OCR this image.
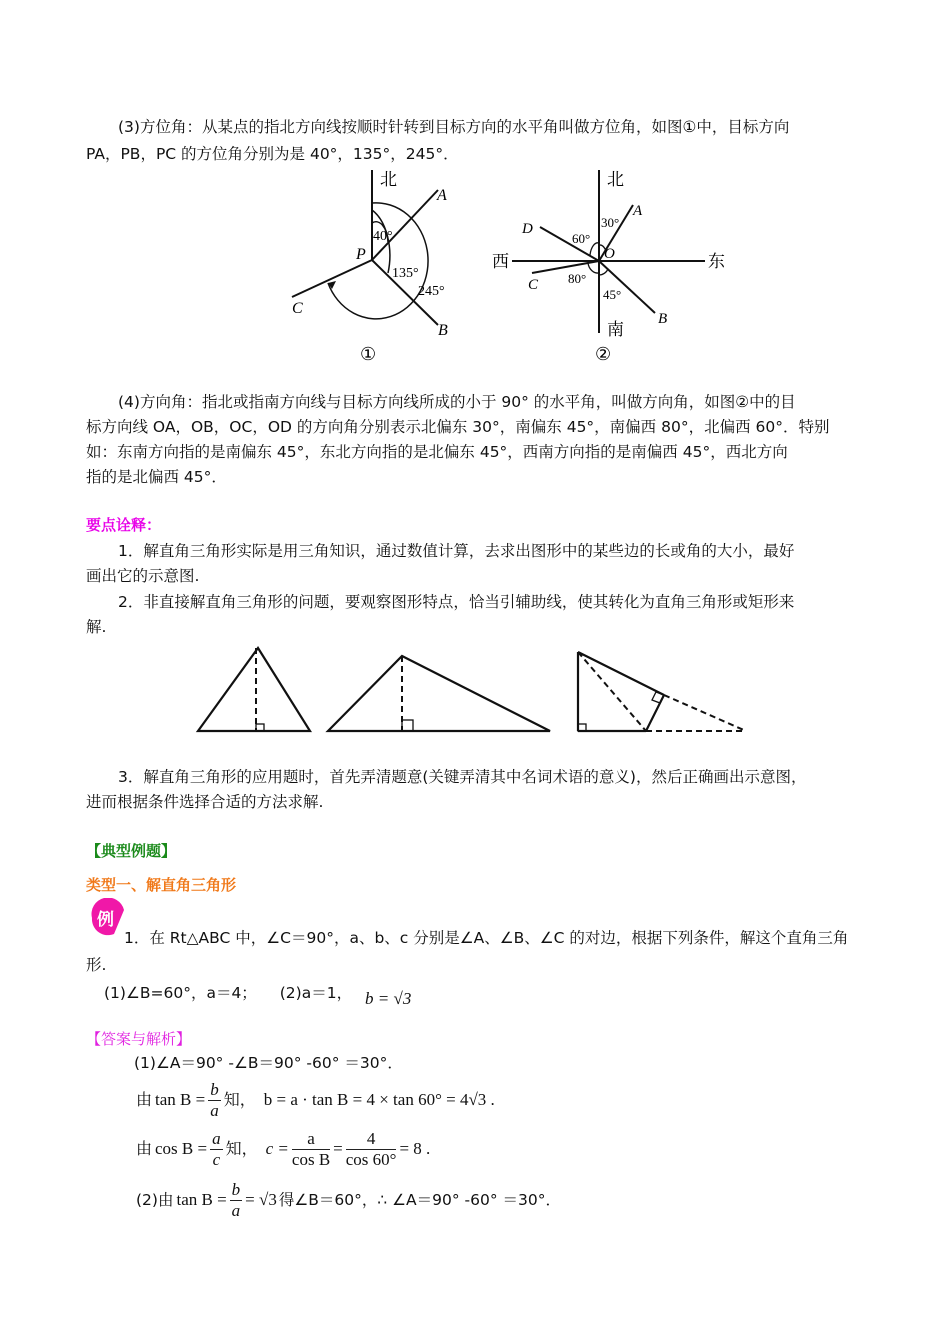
(3)方位角：从某点的指北方向线按顺时针转到目标方向的水平角叫做方位角，如图①中，目标方向
PA，PB，PC 的方位角分别为是 40°，135°，245°．
北
A
B
C
P
40°
135°
245°
①
北
南
东
西
A
B
C
D
O
30°
60°
80°
45°
②
(4)方向角：指北或指南方向线与目标方向线所成的小于 90° 的水平角，叫做方向角，如图②中的目
标方向线 OA，OB，OC，OD 的方向角分别表示北偏东 30°，南偏东 45°，南偏西 80°，北偏西 60°．特别
如：东南方向指的是南偏东 45°，东北方向指的是北偏东 45°，西南方向指的是南偏西 45°，西北方向
指的是北偏西 45°．
要点诠释：
1．解直角三角形实际是用三角知识，通过数值计算，去求出图形中的某些边的长或角的大小，最好
画出它的示意图.
2．非直接解直角三角形的问题，要观察图形特点，恰当引辅助线，使其转化为直角三角形或矩形来
解.
3．解直角三角形的应用题时，首先弄清题意(关键弄清其中名词术语的意义)，然后正确画出示意图，
进而根据条件选择合适的方法求解.
【典型例题】
类型一、解直角三角形
例
1．在 Rt△ABC 中，∠C＝90°，a、b、c 分别是∠A、∠B、∠C 的对边，根据下列条件，解这个直角三角
形.
(1)∠B=60°，a＝4； (2)a＝1， b = √3
【答案与解析】
(1)∠A＝90° -∠B＝90° -60° ＝30°．
由 $\tan B = \frac{b}{a}$ 知， b = a · tan B = 4 × tan 60° = 4√3 .
由 $\cos B = \frac{a}{c}$ 知， $c = \frac{a}{\text{cos B}} = \frac{4}{\cos 60^\circ} = 8$ .
(2)由 $\tan B = \frac{b}{a} = √3$ 得∠B＝60°，∴ ∠A＝90° -60° ＝30°．
